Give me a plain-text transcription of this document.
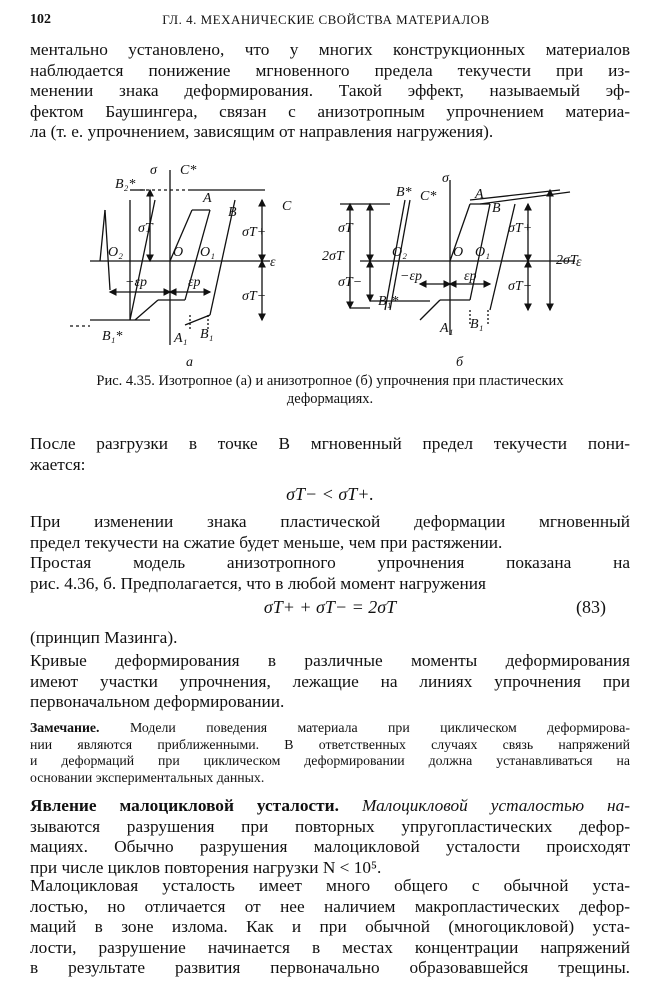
102	ГЛ. 4. МЕХАНИЧЕСКИЕ СВОЙСТВА МАТЕРИАЛОВ

ментально установлено, что у многих конструкционных материалов
наблюдается понижение мгновенного предела текучести при из-
менении знака деформирования. Такой эффект, называемый эф-
фектом Баушингера, связан с анизотропным упрочнением материа-
ла (т. е. упрочнением, зависящим от направления нагружения).

σ C*
B₂*
A
B	C
O₂	O O₁
ε
σT	σT+
σT−
−εp	εp
B₁*	A₁ B₁
а
σ
B* C*	A
B
O₂	O O₁
ε
2σT
σT
σT−
σT+
σT−
2σT
−εp	εp
B₁*
A₁ B₁
б

Рис. 4.35. Изотропное (а) и анизотропное (б) упрочнения при пластических
деформациях.

После разгрузки в точке B мгновенный предел текучести пони-
жается:

σT− < σT+.

При изменении знака пластической деформации мгновенный
предел текучести на сжатие будет меньше, чем при растяжении.

Простая модель анизотропного упрочнения показана на
рис. 4.36, б. Предполагается, что в любой момент нагружения

σT+ + σT− = 2σT	(83)

(принцип Мазинга).

Кривые деформирования в различные моменты деформирования
имеют участки упрочнения, лежащие на линиях упрочнения при
первоначальном деформировании.

Замечание. Модели поведения материала при циклическом деформирова-
нии являются приближенными. В ответственных случаях связь напряжений
и деформаций при циклическом деформировании должна устанавливаться на
основании экспериментальных данных.

Явление малоцикловой усталости. Малоцикловой усталостью на-
зываются разрушения при повторных упругопластических дефор-
мациях. Обычно разрушения малоцикловой усталости происходят
при числе циклов повторения нагрузки N < 10⁵.

Малоцикловая усталость имеет много общего с обычной уста-
лостью, но отличается от нее наличием макропластических дефор-
маций в зоне излома. Как и при обычной (многоцикловой) уста-
лости, разрушение начинается в местах концентрации напряжений
в результате развития первоначально образовавшейся трещины.
